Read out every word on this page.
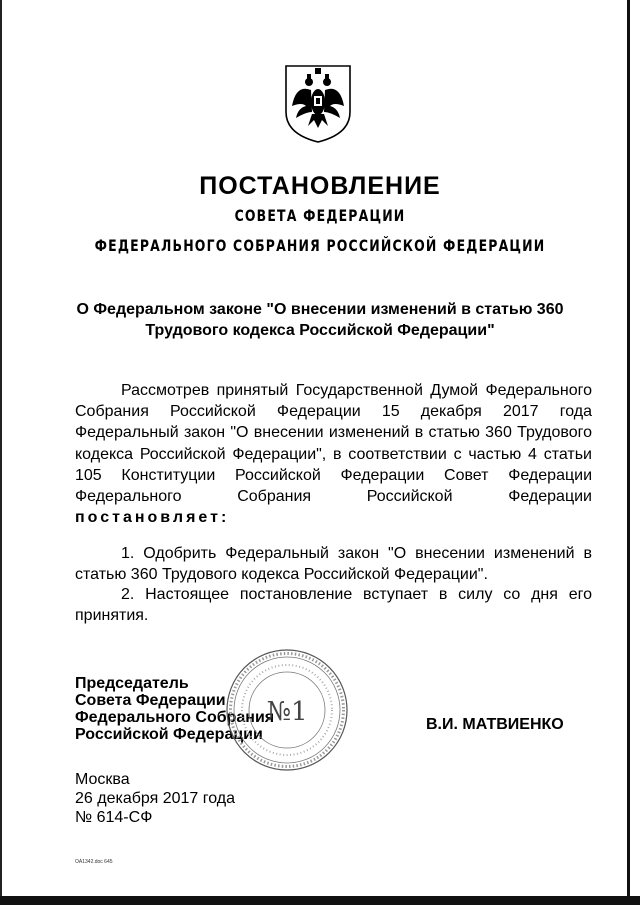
ПОСТАНОВЛЕНИЕ
СОВЕТА ФЕДЕРАЦИИ
ФЕДЕРАЛЬНОГО СОБРАНИЯ РОССИЙСКОЙ ФЕДЕРАЦИИ
О Федеральном законе "О внесении изменений в статью 360
Трудового кодекса Российской Федерации"
Рассмотрев принятый Государственной Думой Федерального Собрания Российской Федерации 15 декабря 2017 года Федеральный закон "О внесении изменений в статью 360 Трудового кодекса Российской Федерации", в соответствии с частью 4 статьи 105 Конституции Российской Федерации Совет Федерации Федерального Собрания Российской Федерации постановляет:
1. Одобрить Федеральный закон "О внесении изменений в статью 360 Трудового кодекса Российской Федерации".
2. Настоящее постановление вступает в силу со дня его принятия.
Председатель
Совета Федерации
Федерального Собрания
Российской Федерации
№1	В.И. МАТВИЕНКО
Москва
26 декабря 2017 года
№ 614-СФ
OA1342.doc 645
